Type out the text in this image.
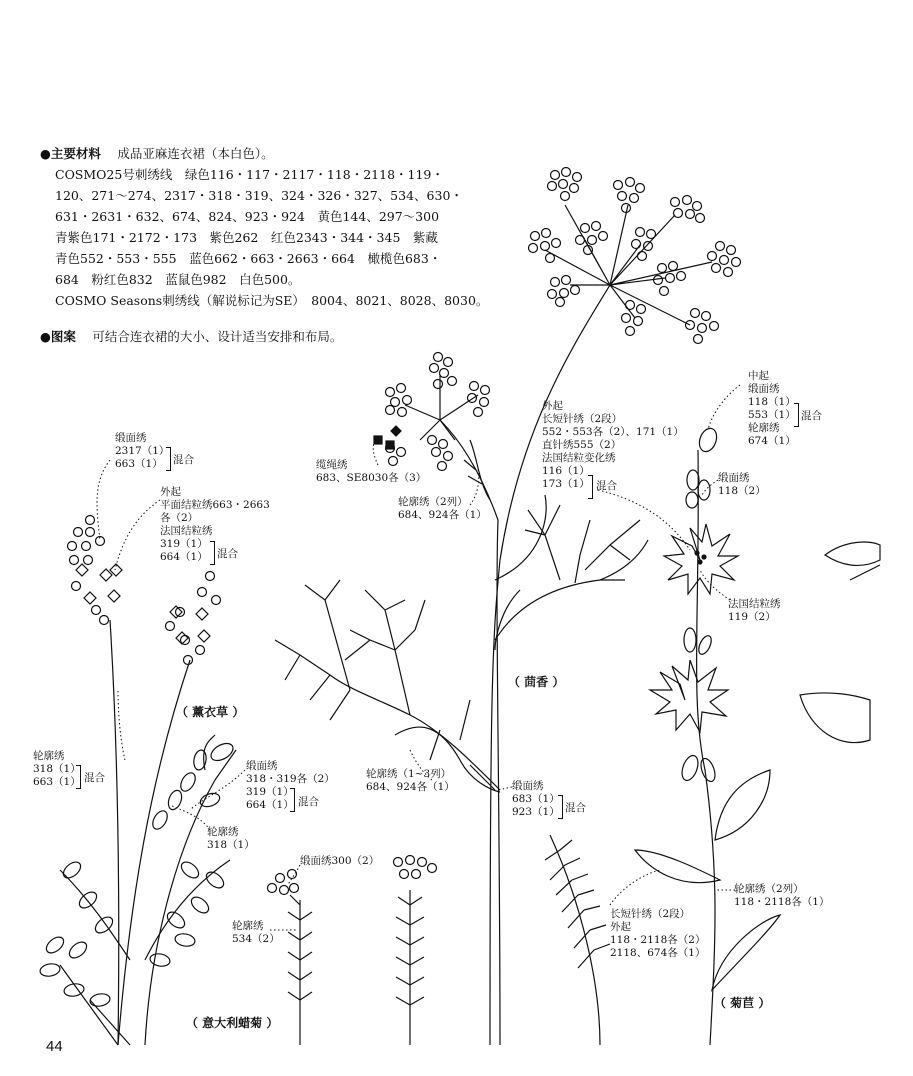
●主要材料　 成品亚麻连衣裙（本白色）。
COSMO25号刺绣线　绿色116・117・2117・118・2118・119・
120、271～274、2317・318・319、324・326・327、534、630・
631・2631・632、674、824、923・924　黄色144、297～300
青紫色171・2172・173　紫色262　红色2343・344・345　紫藏
青色552・553・555　蓝色662・663・2663・664　橄榄色683・
684　粉红色832　蓝鼠色982　白色500。
COSMO Seasons刺绣线（解说标记为SE）　8004、8021、8028、8030。
●图案　 可结合连衣裙的大小、设计适当安排和布局。
缎面绣
2317（1）
663（1） 混合
外起
平面结粒绣663・2663
各（2）
法国结粒绣
319（1）
664（1） 混合
轮廓绣
318（1）
663（1） 混合
（ 薰衣草 ）
缎面绣
318・319各（2）
319（1）
664（1） 混合
轮廓绣
318（1）
缎面绣300（2）
轮廓绣
534（2）
（ 意大利蜡菊 ）
缆绳绣
683、SE8030各（3）
轮廓绣（2列）
684、924各（1）
外起
长短针绣（2段）
552・553各（2）、171（1）
直针绣555（2）
法国结粒变化绣
116（1）
173（1） 混合
（ 茴香 ）
轮廓绣（1~3列）
684、924各（1）	缎面绣
683（1）
923（1） 混合
中起
缎面绣
118（1）
553（1）
轮廓绣
674（1）
混合
缎面绣
118（2）
法国结粒绣
119（2）
轮廓绣（2列）
118・2118各（1）
长短针绣（2段）
外起
118・2118各（2）
2118、674各（1）
（ 菊苣 ）
44
